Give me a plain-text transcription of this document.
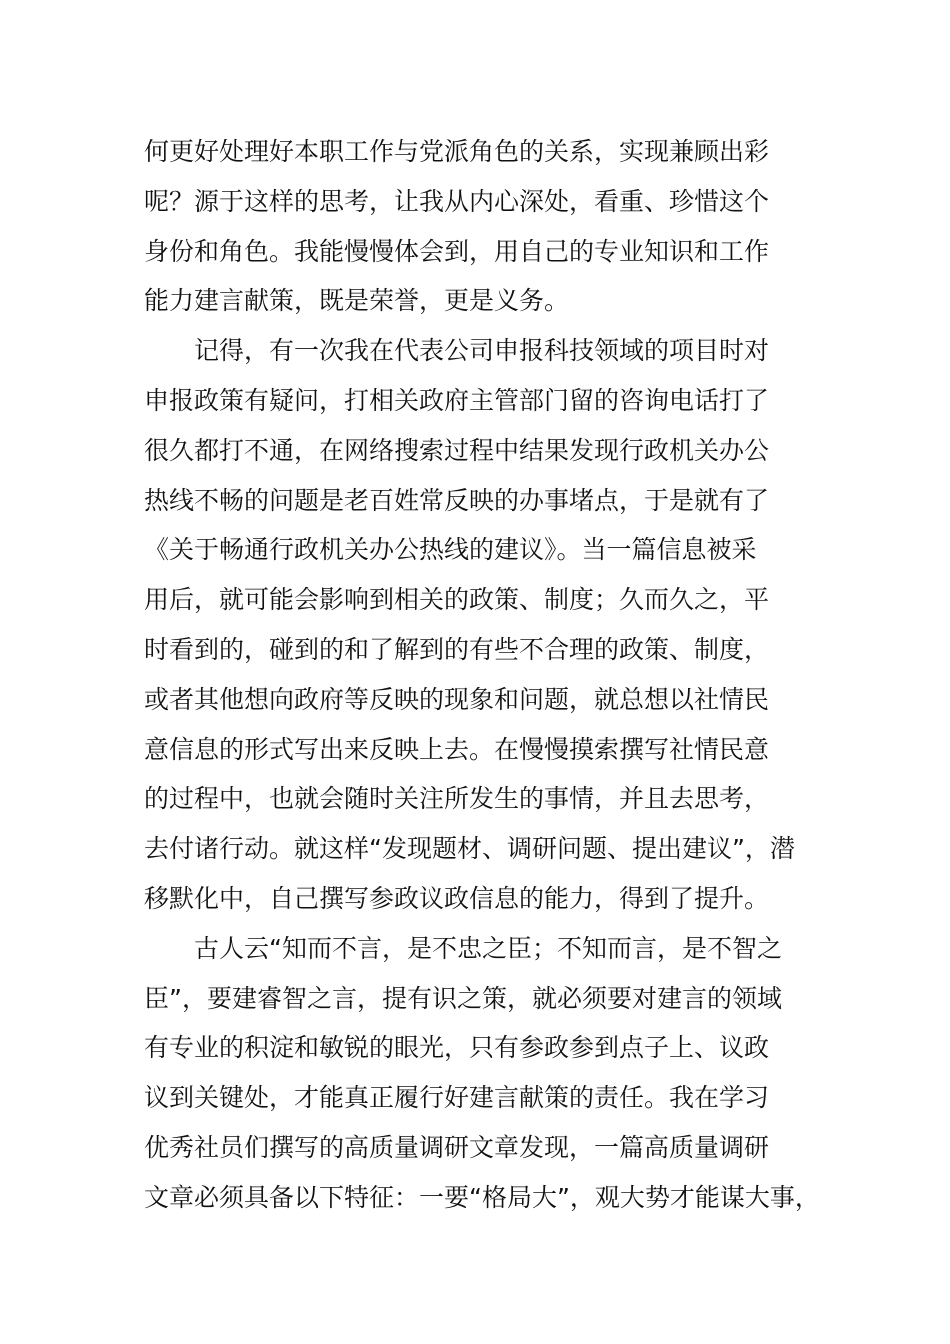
何更好处理好本职工作与党派角色的关系，实现兼顾出彩
呢？源于这样的思考，让我从内心深处，看重、珍惜这个
身份和角色。我能慢慢体会到，用自己的专业知识和工作
能力建言献策，既是荣誉，更是义务。
记得，有一次我在代表公司申报科技领域的项目时对
申报政策有疑问，打相关政府主管部门留的咨询电话打了
很久都打不通，在网络搜索过程中结果发现行政机关办公
热线不畅的问题是老百姓常反映的办事堵点，于是就有了
《关于畅通行政机关办公热线的建议》。当一篇信息被采
用后，就可能会影响到相关的政策、制度；久而久之，平
时看到的，碰到的和了解到的有些不合理的政策、制度，
或者其他想向政府等反映的现象和问题，就总想以社情民
意信息的形式写出来反映上去。在慢慢摸索撰写社情民意
的过程中，也就会随时关注所发生的事情，并且去思考，
去付诸行动。就这样“发现题材、调研问题、提出建议”，潜
移默化中，自己撰写参政议政信息的能力，得到了提升。
古人云“知而不言，是不忠之臣；不知而言，是不智之
臣”，要建睿智之言，提有识之策，就必须要对建言的领域
有专业的积淀和敏锐的眼光，只有参政参到点子上、议政
议到关键处，才能真正履行好建言献策的责任。我在学习
优秀社员们撰写的高质量调研文章发现，一篇高质量调研
文章必须具备以下特征：一要“格局大”，观大势才能谋大事，
